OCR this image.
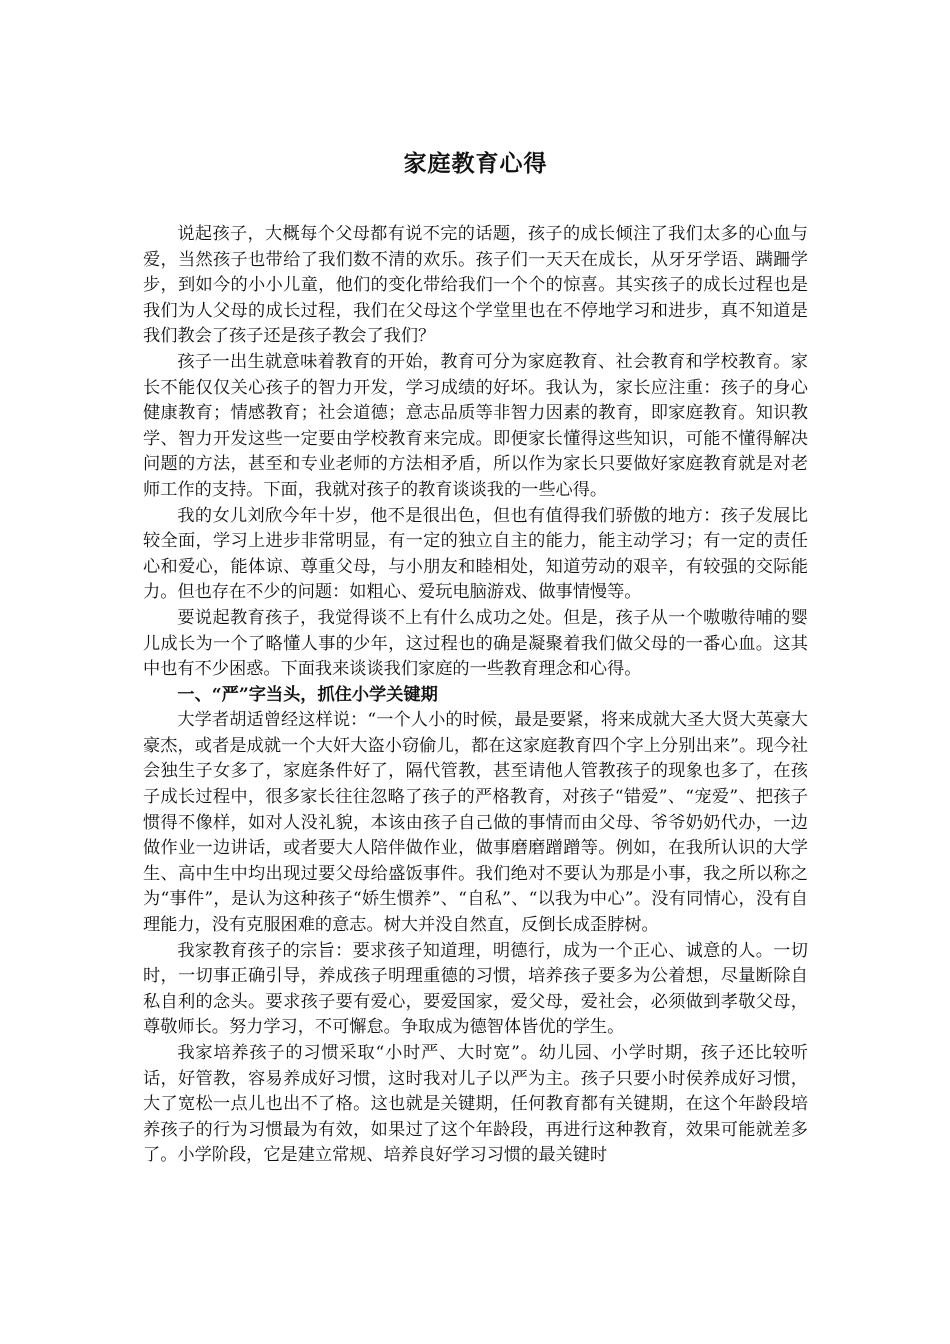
家庭教育心得

说起孩子，大概每个父母都有说不完的话题，孩子的成长倾注了我们太多的心血与爱，当然孩子也带给了我们数不清的欢乐。孩子们一天天在成长，从牙牙学语、蹒跚学步，到如今的小小儿童，他们的变化带给我们一个个的惊喜。其实孩子的成长过程也是我们为人父母的成长过程，我们在父母这个学堂里也在不停地学习和进步，真不知道是我们教会了孩子还是孩子教会了我们？

孩子一出生就意味着教育的开始，教育可分为家庭教育、社会教育和学校教育。家长不能仅仅关心孩子的智力开发，学习成绩的好坏。我认为，家长应注重：孩子的身心健康教育；情感教育；社会道德；意志品质等非智力因素的教育，即家庭教育。知识教学、智力开发这些一定要由学校教育来完成。即便家长懂得这些知识，可能不懂得解决问题的方法，甚至和专业老师的方法相矛盾，所以作为家长只要做好家庭教育就是对老师工作的支持。下面，我就对孩子的教育谈谈我的一些心得。

我的女儿刘欣今年十岁，他不是很出色，但也有值得我们骄傲的地方：孩子发展比较全面，学习上进步非常明显，有一定的独立自主的能力，能主动学习；有一定的责任心和爱心，能体谅、尊重父母，与小朋友和睦相处，知道劳动的艰辛，有较强的交际能力。但也存在不少的问题：如粗心、爱玩电脑游戏、做事情慢等。

要说起教育孩子，我觉得谈不上有什么成功之处。但是，孩子从一个嗷嗷待哺的婴儿成长为一个了略懂人事的少年，这过程也的确是凝聚着我们做父母的一番心血。这其中也有不少困惑。下面我来谈谈我们家庭的一些教育理念和心得。

一、“严”字当头，抓住小学关键期

大学者胡适曾经这样说：“一个人小的时候，最是要紧，将来成就大圣大贤大英豪大豪杰，或者是成就一个大奸大盗小窃偷儿，都在这家庭教育四个字上分别出来”。现今社会独生子女多了，家庭条件好了，隔代管教，甚至请他人管教孩子的现象也多了，在孩子成长过程中，很多家长往往忽略了孩子的严格教育，对孩子“错爱”、“宠爱”、把孩子惯得不像样，如对人没礼貌，本该由孩子自己做的事情而由父母、爷爷奶奶代办，一边做作业一边讲话，或者要大人陪伴做作业，做事磨磨蹭蹭等。例如，在我所认识的大学生、高中生中均出现过要父母给盛饭事件。我们绝对不要认为那是小事，我之所以称之为“事件”，是认为这种孩子“娇生惯养”、“自私”、“以我为中心”。没有同情心，没有自理能力，没有克服困难的意志。树大并没自然直，反倒长成歪脖树。

我家教育孩子的宗旨：要求孩子知道理，明德行，成为一个正心、诚意的人。一切时，一切事正确引导，养成孩子明理重德的习惯，培养孩子要多为公着想，尽量断除自私自利的念头。要求孩子要有爱心，要爱国家，爱父母，爱社会，必须做到孝敬父母，尊敬师长。努力学习，不可懈怠。争取成为德智体皆优的学生。

我家培养孩子的习惯采取“小时严、大时宽”。幼儿园、小学时期，孩子还比较听话，好管教，容易养成好习惯，这时我对儿子以严为主。孩子只要小时侯养成好习惯，大了宽松一点儿也出不了格。这也就是关键期，任何教育都有关键期，在这个年龄段培养孩子的行为习惯最为有效，如果过了这个年龄段，再进行这种教育，效果可能就差多了。小学阶段，它是建立常规、培养良好学习习惯的最关键时
